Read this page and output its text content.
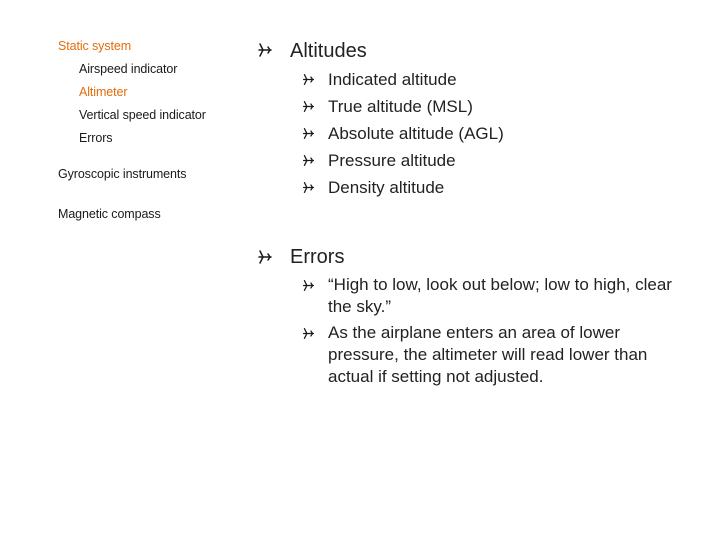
Static system
Airspeed indicator
Altimeter
Vertical speed indicator
Errors
Gyroscopic instruments
Magnetic compass
Altitudes
Indicated altitude
True altitude (MSL)
Absolute altitude (AGL)
Pressure altitude
Density altitude
Errors
“High to low, look out below; low to high, clear the sky.”
As the airplane enters an area of lower pressure, the altimeter will read lower than actual if setting not adjusted.
